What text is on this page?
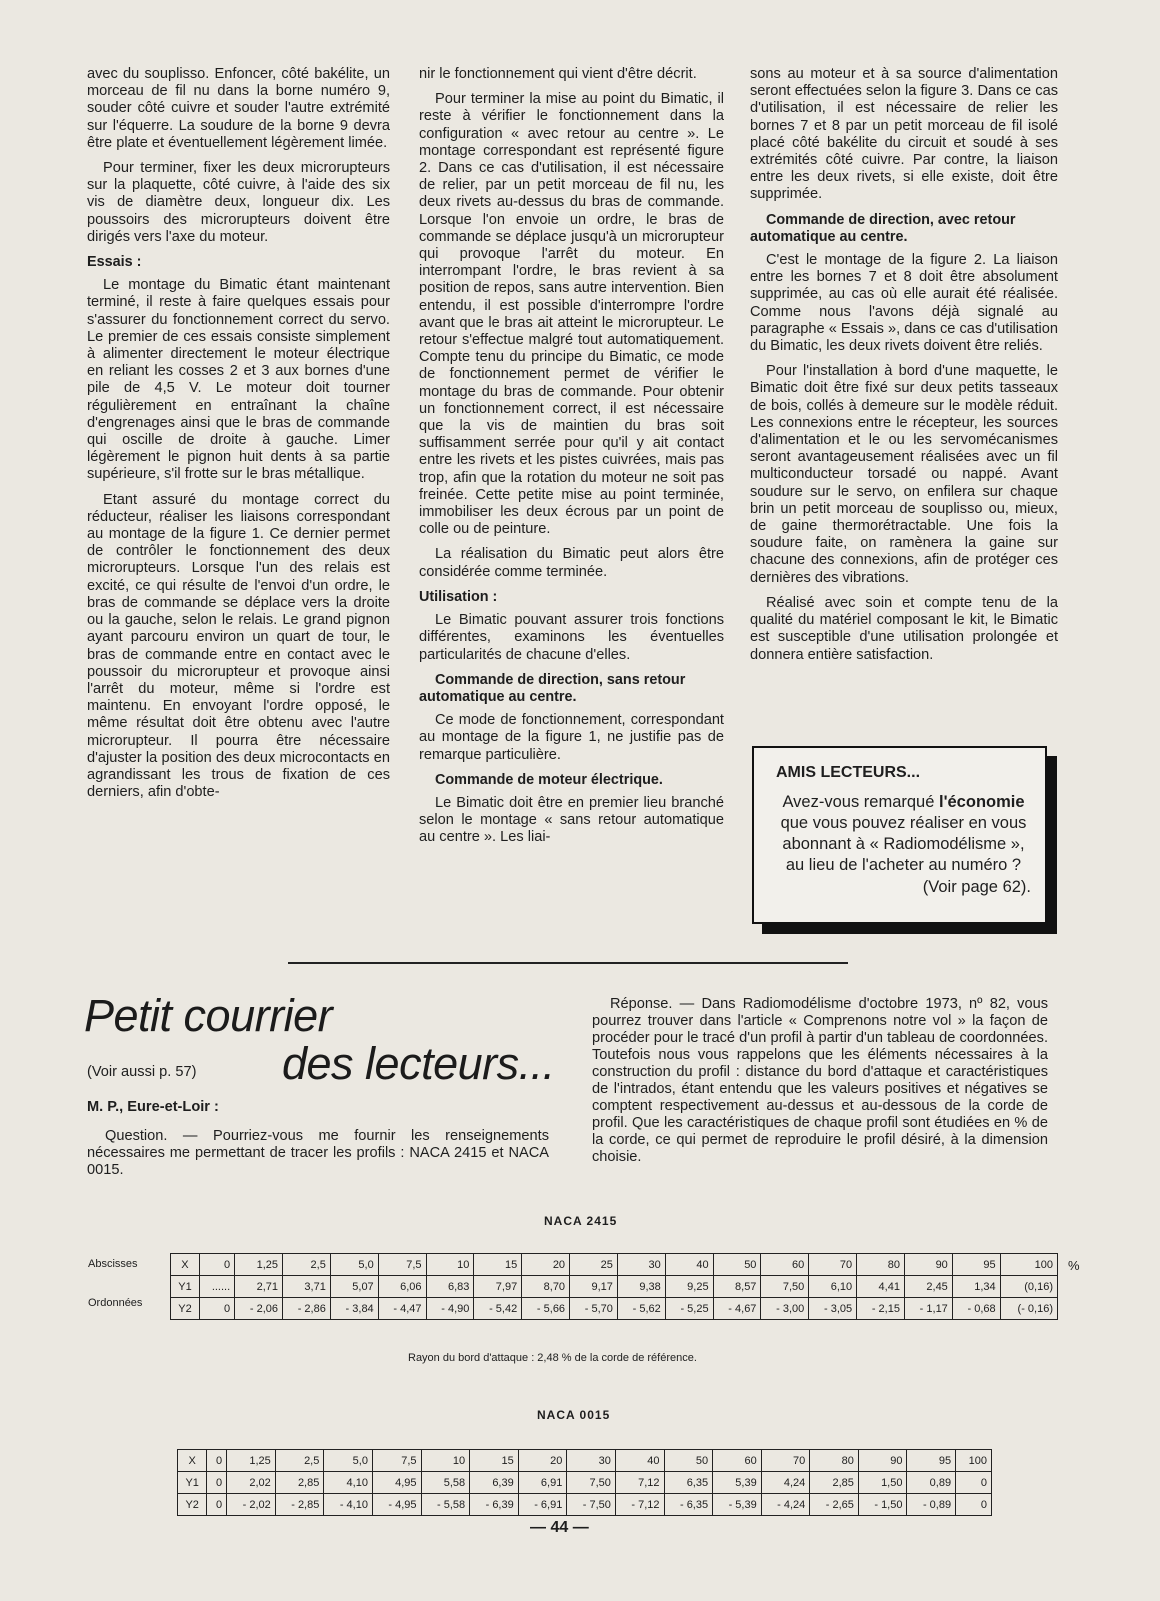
avec du souplisso. Enfoncer, côté bakélite, un morceau de fil nu dans la borne numéro 9, souder côté cuivre et souder l'autre extrémité sur l'équerre. La soudure de la borne 9 devra être plate et éventuellement légèrement limée.

Pour terminer, fixer les deux microrupteurs sur la plaquette, côté cuivre, à l'aide des six vis de diamètre deux, longueur dix. Les poussoirs des microrupteurs doivent être dirigés vers l'axe du moteur.

Essais :

Le montage du Bimatic étant maintenant terminé, il reste à faire quelques essais pour s'assurer du fonctionnement correct du servo. Le premier de ces essais consiste simplement à alimenter directement le moteur électrique en reliant les cosses 2 et 3 aux bornes d'une pile de 4,5 V. Le moteur doit tourner régulièrement en entraînant la chaîne d'engrenages ainsi que le bras de commande qui oscille de droite à gauche. Limer légèrement le pignon huit dents à sa partie supérieure, s'il frotte sur le bras métallique.

Etant assuré du montage correct du réducteur, réaliser les liaisons correspondant au montage de la figure 1. Ce dernier permet de contrôler le fonctionnement des deux microrupteurs. Lorsque l'un des relais est excité, ce qui résulte de l'envoi d'un ordre, le bras de commande se déplace vers la droite ou la gauche, selon le relais. Le grand pignon ayant parcouru environ un quart de tour, le bras de commande entre en contact avec le poussoir du microrupteur et provoque ainsi l'arrêt du moteur, même si l'ordre est maintenu. En envoyant l'ordre opposé, le même résultat doit être obtenu avec l'autre microrupteur. Il pourra être nécessaire d'ajuster la position des deux microcontacts en agrandissant les trous de fixation de ces derniers, afin d'obte-

nir le fonctionnement qui vient d'être décrit.

Pour terminer la mise au point du Bimatic, il reste à vérifier le fonctionnement dans la configuration « avec retour au centre ». Le montage correspondant est représenté figure 2. Dans ce cas d'utilisation, il est nécessaire de relier, par un petit morceau de fil nu, les deux rivets au-dessus du bras de commande. Lorsque l'on envoie un ordre, le bras de commande se déplace jusqu'à un microrupteur qui provoque l'arrêt du moteur. En interrompant l'ordre, le bras revient à sa position de repos, sans autre intervention. Bien entendu, il est possible d'interrompre l'ordre avant que le bras ait atteint le microrupteur. Le retour s'effectue malgré tout automatiquement. Compte tenu du principe du Bimatic, ce mode de fonctionnement permet de vérifier le montage du bras de commande. Pour obtenir un fonctionnement correct, il est nécessaire que la vis de maintien du bras soit suffisamment serrée pour qu'il y ait contact entre les rivets et les pistes cuivrées, mais pas trop, afin que la rotation du moteur ne soit pas freinée. Cette petite mise au point terminée, immobiliser les deux écrous par un point de colle ou de peinture.

La réalisation du Bimatic peut alors être considérée comme terminée.

Utilisation :

Le Bimatic pouvant assurer trois fonctions différentes, examinons les éventuelles particularités de chacune d'elles.

Commande de direction, sans retour automatique au centre.

Ce mode de fonctionnement, correspondant au montage de la figure 1, ne justifie pas de remarque particulière.

Commande de moteur électrique.

Le Bimatic doit être en premier lieu branché selon le montage « sans retour automatique au centre ». Les liai-

sons au moteur et à sa source d'alimentation seront effectuées selon la figure 3. Dans ce cas d'utilisation, il est nécessaire de relier les bornes 7 et 8 par un petit morceau de fil isolé placé côté bakélite du circuit et soudé à ses extrémités côté cuivre. Par contre, la liaison entre les deux rivets, si elle existe, doit être supprimée.

Commande de direction, avec retour automatique au centre.

C'est le montage de la figure 2. La liaison entre les bornes 7 et 8 doit être absolument supprimée, au cas où elle aurait été réalisée. Comme nous l'avons déjà signalé au paragraphe « Essais », dans ce cas d'utilisation du Bimatic, les deux rivets doivent être reliés.

Pour l'installation à bord d'une maquette, le Bimatic doit être fixé sur deux petits tasseaux de bois, collés à demeure sur le modèle réduit. Les connexions entre le récepteur, les sources d'alimentation et le ou les servomécanismes seront avantageusement réalisées avec un fil multiconducteur torsadé ou nappé. Avant soudure sur le servo, on enfilera sur chaque brin un petit morceau de souplisso ou, mieux, de gaine thermorétractable. Une fois la soudure faite, on ramènera la gaine sur chacune des connexions, afin de protéger ces dernières des vibrations.

Réalisé avec soin et compte tenu de la qualité du matériel composant le kit, le Bimatic est susceptible d'une utilisation prolongée et donnera entière satisfaction.

AMIS LECTEURS...
Avez-vous remarqué l'économie que vous pouvez réaliser en vous abonnant à « Radiomodélisme », au lieu de l'acheter au numéro ?
(Voir page 62).
Petit courrier
des lecteurs...
(Voir aussi p. 57)
M. P., Eure-et-Loir :
Question. — Pourriez-vous me fournir les renseignements nécessaires me permettant de tracer les profils : NACA 2415 et NACA 0015.
Réponse. — Dans Radiomodélisme d'octobre 1973, nº 82, vous pourrez trouver dans l'article « Comprenons notre vol » la façon de procéder pour le tracé d'un profil à partir d'un tableau de coordonnées. Toutefois nous vous rappelons que les éléments nécessaires à la construction du profil : distance du bord d'attaque et caractéristiques de l'intrados, étant entendu que les valeurs positives et négatives se comptent respectivement au-dessus et au-dessous de la corde de profil. Que les caractéristiques de chaque profil sont étudiées en % de la corde, ce qui permet de reproduire le profil désiré, à la dimension choisie.
NACA 2415
Abscisses
Ordonnées
%
X	0	1,25	2,5	5,0	7,5	10	15	20	25	30	40	50	60	70	80	90	95	100
Y1	......	2,71	3,71	5,07	6,06	6,83	7,97	8,70	9,17	9,38	9,25	8,57	7,50	6,10	4,41	2,45	1,34	(0,16)
Y2	0	- 2,06	- 2,86	- 3,84	- 4,47	- 4,90	- 5,42	- 5,66	- 5,70	- 5,62	- 5,25	- 4,67	- 3,00	- 3,05	- 2,15	- 1,17	- 0,68	(- 0,16)
Rayon du bord d'attaque : 2,48 % de la corde de référence.
NACA 0015
X	0	1,25	2,5	5,0	7,5	10	15	20	30	40	50	60	70	80	90	95	100
Y1	0	2,02	2,85	4,10	4,95	5,58	6,39	6,91	7,50	7,12	6,35	5,39	4,24	2,85	1,50	0,89	0
Y2	0	- 2,02	- 2,85	- 4,10	- 4,95	- 5,58	- 6,39	- 6,91	- 7,50	- 7,12	- 6,35	- 5,39	- 4,24	- 2,65	- 1,50	- 0,89	0
— 44 —
